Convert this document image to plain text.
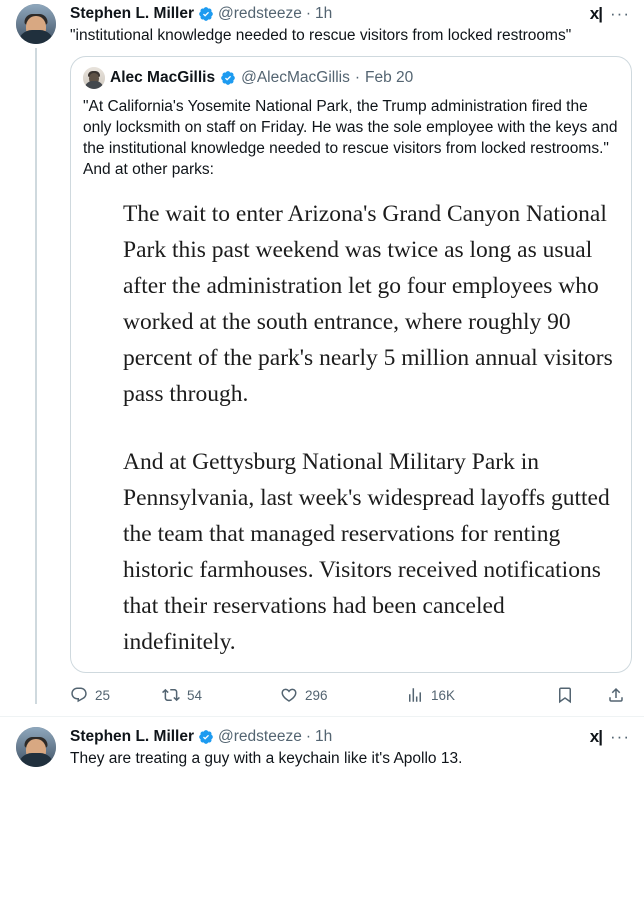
Stephen L. Miller @redsteeze · 1h	x| ···
"institutional knowledge needed to rescue visitors from locked restrooms"
Alec MacGillis @AlecMacGillis · Feb 20
"At California's Yosemite National Park, the Trump administration fired the only locksmith on staff on Friday. He was the sole employee with the keys and the institutional knowledge needed to rescue visitors from locked restrooms." And at other parks:

The wait to enter Arizona's Grand Canyon National Park this past weekend was twice as long as usual after the administration let go four employees who worked at the south entrance, where roughly 90 percent of the park's nearly 5 million annual visitors pass through.

And at Gettysburg National Military Park in Pennsylvania, last week's widespread layoffs gutted the team that managed reservations for renting historic farmhouses. Visitors received notifications that their reservations had been canceled indefinitely.

25	54	296	16K
Stephen L. Miller @redsteeze · 1h	x| ···
They are treating a guy with a keychain like it's Apollo 13.
